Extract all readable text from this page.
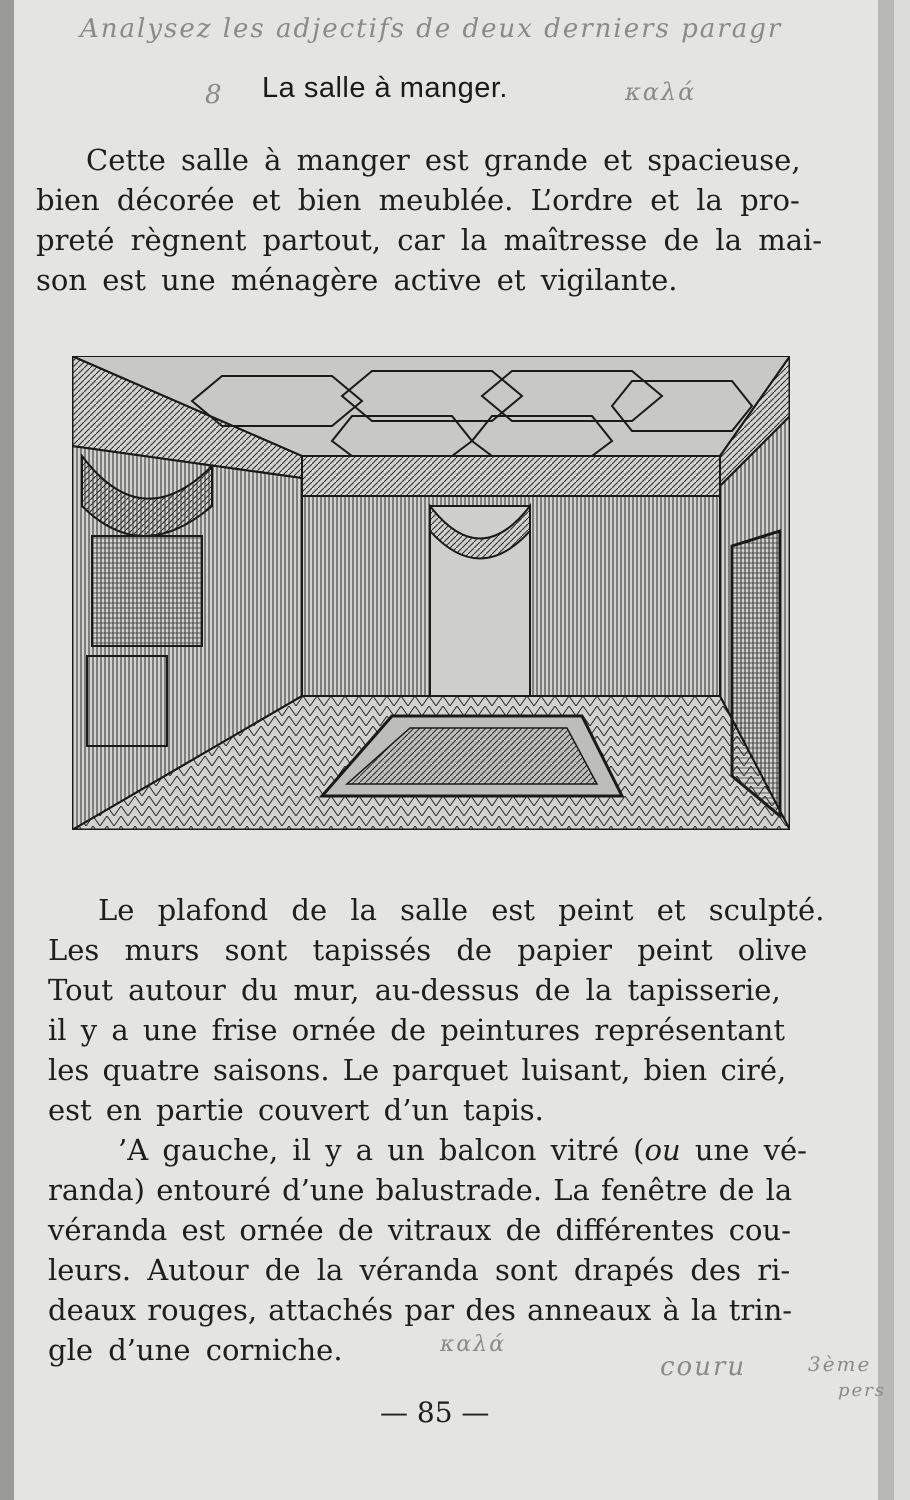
Analysez les adjectifs de deux derniers paragr
8	καλά
καλά
couru	3ème
pers
La salle à manger.
Cette salle à manger est grande et spacieuse,
bien décorée et bien meublée. L’ordre et la pro-
preté règnent partout, car la maîtresse de la mai-
son est une ménagère active et vigilante.
Le plafond de la salle est peint et sculpté.
Les murs sont tapissés de papier peint olive
Tout autour du mur, au-dessus de la tapisserie,
il y a une frise ornée de peintures représentant
les quatre saisons. Le parquet luisant, bien ciré,
est en partie couvert d’un tapis.
’A gauche, il y a un balcon vitré (ou une vé-
randa) entouré d’une balustrade. La fenêtre de la
véranda est ornée de vitraux de différentes cou-
leurs. Autour de la véranda sont drapés des ri-
deaux rouges, attachés par des anneaux à la trin-
gle d’une corniche.
— 85 —
